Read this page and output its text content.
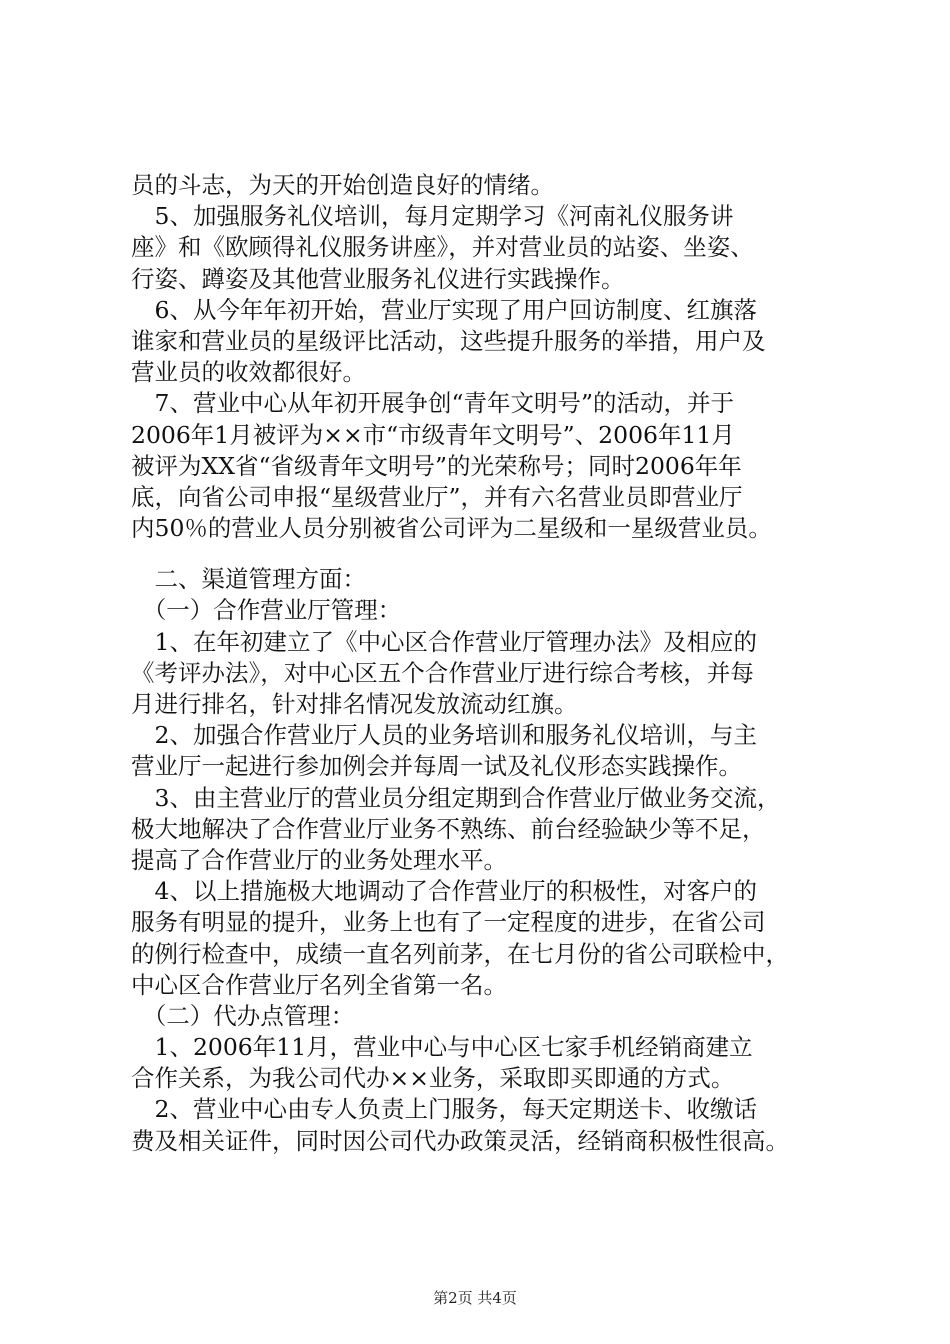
员的斗志，为天的开始创造良好的情绪。
　5、加强服务礼仪培训，每月定期学习《河南礼仪服务讲
座》和《欧顾得礼仪服务讲座》，并对营业员的站姿、坐姿、
行姿、蹲姿及其他营业服务礼仪进行实践操作。
　6、从今年年初开始，营业厅实现了用户回访制度、红旗落
谁家和营业员的星级评比活动，这些提升服务的举措，用户及
营业员的收效都很好。
　7、营业中心从年初开展争创“青年文明号”的活动，并于
2006年1月被评为××市“市级青年文明号”、2006年11月
被评为XX省“省级青年文明号”的光荣称号；同时2006年年
底，向省公司申报“星级营业厅”，并有六名营业员即营业厅
内50％的营业人员分别被省公司评为二星级和一星级营业员。
　二、渠道管理方面：
　（一）合作营业厅管理：
　1、在年初建立了《中心区合作营业厅管理办法》及相应的
《考评办法》，对中心区五个合作营业厅进行综合考核，并每
月进行排名，针对排名情况发放流动红旗。
　2、加强合作营业厅人员的业务培训和服务礼仪培训，与主
营业厅一起进行参加例会并每周一试及礼仪形态实践操作。
　3、由主营业厅的营业员分组定期到合作营业厅做业务交流，
极大地解决了合作营业厅业务不熟练、前台经验缺少等不足，
提高了合作营业厅的业务处理水平。
　4、以上措施极大地调动了合作营业厅的积极性，对客户的
服务有明显的提升，业务上也有了一定程度的进步，在省公司
的例行检查中，成绩一直名列前茅，在七月份的省公司联检中，
中心区合作营业厅名列全省第一名。
　（二）代办点管理：
　1、2006年11月，营业中心与中心区七家手机经销商建立
合作关系，为我公司代办××业务，采取即买即通的方式。
　2、营业中心由专人负责上门服务，每天定期送卡、收缴话
费及相关证件，同时因公司代办政策灵活，经销商积极性很高。
第2页 共4页
